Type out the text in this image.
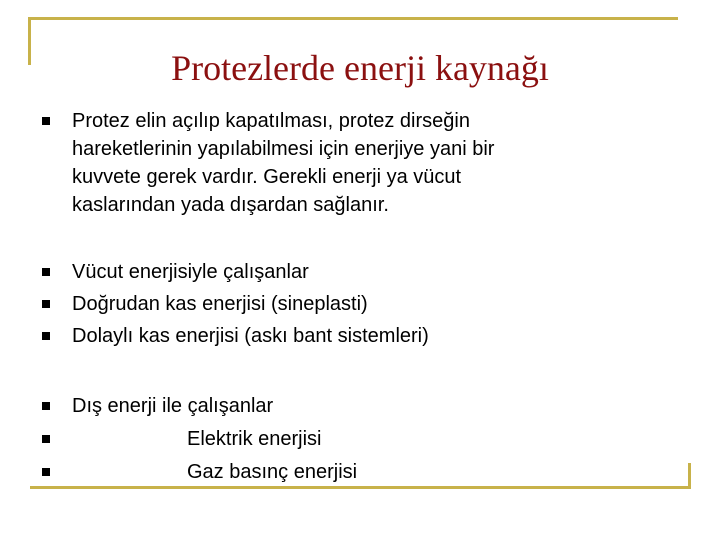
Protezlerde enerji kaynağı
Protez elin açılıp kapatılması, protez dirseğin
hareketlerinin yapılabilmesi için enerjiye yani bir
kuvvete gerek vardır. Gerekli enerji ya vücut
kaslarından yada dışardan sağlanır.
Vücut enerjisiyle çalışanlar
Doğrudan kas enerjisi (sineplasti)
Dolaylı kas enerjisi (askı bant sistemleri)
Dış enerji ile çalışanlar
Elektrik enerjisi
Gaz basınç enerjisi
